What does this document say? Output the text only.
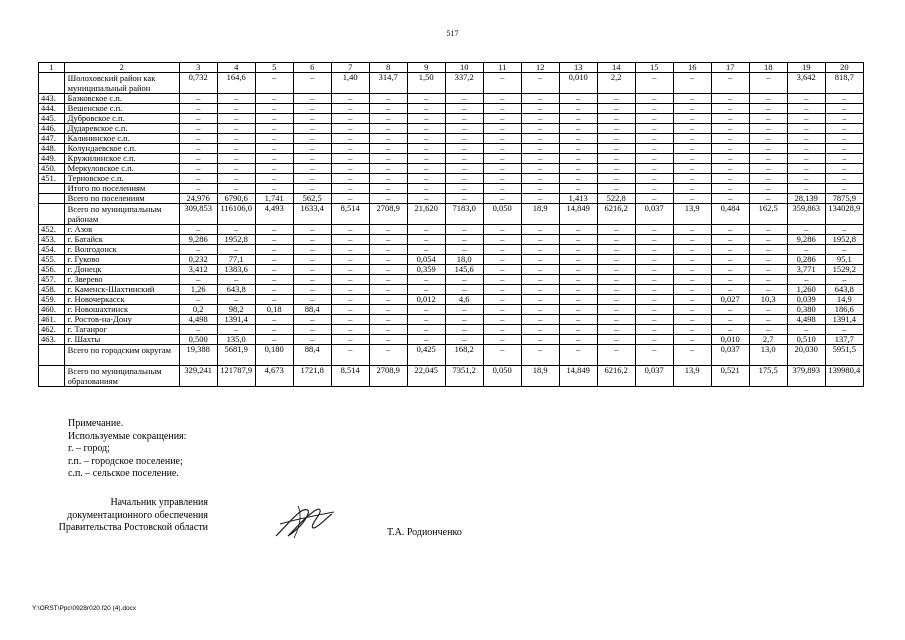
517
1	2	3	4	5	6	7	8	9	10	11	12	13	14	15	16	17	18	19	20
	Шолоховский район как муниципальный район	0,732	164,6	–	–	1,40	314,7	1,50	337,2	–	–	0,010	2,2	–	–	–	–	3,642	818,7
443.	Базковское с.п.	–	–	–	–	–	–	–	–	–	–	–	–	–	–	–	–	–	–
444.	Вешенское с.п.	–	–	–	–	–	–	–	–	–	–	–	–	–	–	–	–	–	–
445.	Дубровское с.п.	–	–	–	–	–	–	–	–	–	–	–	–	–	–	–	–	–	–
446.	Дударевское с.п.	–	–	–	–	–	–	–	–	–	–	–	–	–	–	–	–	–	–
447.	Калининское с.п.	–	–	–	–	–	–	–	–	–	–	–	–	–	–	–	–	–	–
448.	Колундаевское с.п.	–	–	–	–	–	–	–	–	–	–	–	–	–	–	–	–	–	–
449.	Кружилинское с.п.	–	–	–	–	–	–	–	–	–	–	–	–	–	–	–	–	–	–
450.	Меркуловское с.п.	–	–	–	–	–	–	–	–	–	–	–	–	–	–	–	–	–	–
451.	Терновское с.п.	–	–	–	–	–	–	–	–	–	–	–	–	–	–	–	–	–	–
	Итого по поселениям	–	–	–	–	–	–	–	–	–	–	–	–	–	–	–	–	–	–
	Всего по поселениям	24,976	6790,6	1,741	562,5	–	–	–	–	–	–	1,413	522,8	–	–	–	–	28,139	7875,9
	Всего по муниципальным районам	309,853	116106,0	4,493	1633,4	8,514	2708,9	21,620	7183,0	0,050	18,9	14,849	6216,2	0,037	13,9	0,484	162,5	359,863	134028,9
452.	г. Азов	–	–	–	–	–	–	–	–	–	–	–	–	–	–	–	–	–	–
453.	г. Батайск	9,286	1952,8	–	–	–	–	–	–	–	–	–	–	–	–	–	–	9,286	1952,8
454.	г. Волгодонск	–	–	–	–	–	–	–	–	–	–	–	–	–	–	–	–	–	–
455.	г. Гуково	0,232	77,1	–	–	–	–	0,054	18,0	–	–	–	–	–	–	–	–	0,286	95,1
456.	г. Донецк	3,412	1383,6	–	–	–	–	0,359	145,6	–	–	–	–	–	–	–	–	3,771	1529,2
457.	г. Зверево	–	–	–	–	–	–	–	–	–	–	–	–	–	–	–	–	–	–
458.	г. Каменск-Шахтинский	1,26	643,8	–	–	–	–	–	–	–	–	–	–	–	–	–	–	1,260	643,8
459.	г. Новочеркасск	–	–	–	–	–	–	0,012	4,6	–	–	–	–	–	–	0,027	10,3	0,039	14,9
460.	г. Новошахтинск	0,2	98,2	0,18	88,4	–	–	–	–	–	–	–	–	–	–	–	–	0,380	186,6
461.	г. Ростов-на-Дону	4,498	1391,4	–	–	–	–	–	–	–	–	–	–	–	–	–	–	4,498	1391,4
462.	г. Таганрог	–	–	–	–	–	–	–	–	–	–	–	–	–	–	–	–	–	–
463.	г. Шахты	0,500	135,0	–	–	–	–	–	–	–	–	–	–	–	–	0,010	2,7	0,510	137,7
	Всего по городским округам	19,388	5681,9	0,180	88,4	–	–	0,425	168,2	–	–	–	–	–	–	0,037	13,0	20,030	5951,5
	Всего по муниципальным образованиям	329,241	121787,9	4,673	1721,8	8,514	2708,9	22,045	7351,2	0,050	18,9	14,849	6216,2	0,037	13,9	0,521	175,5	379,893	139980,4
Примечание.
Используемые сокращения:
г. – город;
г.п. – городское поселение;
с.п. – сельское поселение.
Начальник управления
документационного обеспечения
Правительства Ростовской области	Т.А. Родионченко
Y:\ORST\Ppc\0928r020.f20 (4).docx
